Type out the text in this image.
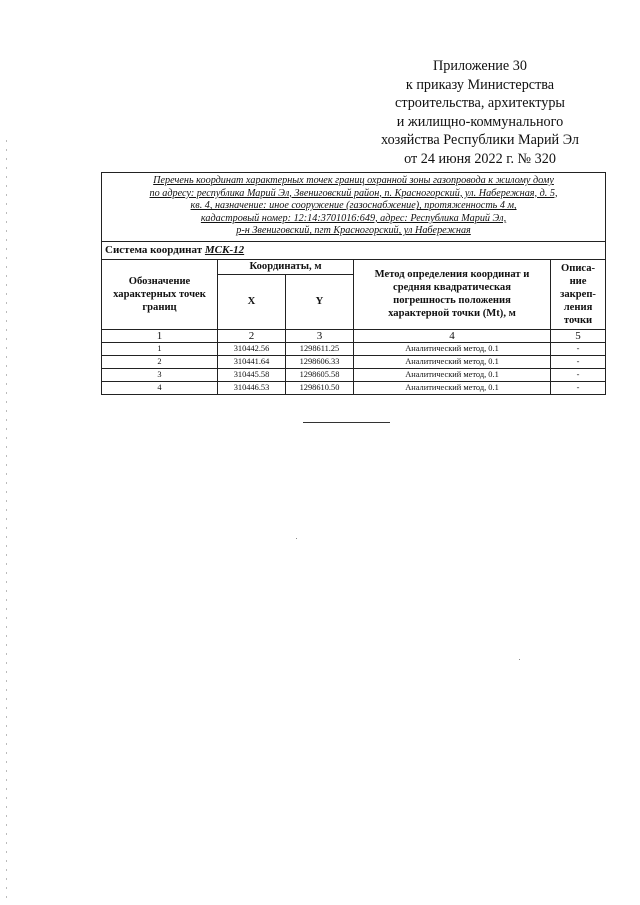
Приложение 30
к приказу Министерства
строительства, архитектуры
и жилищно-коммунального
хозяйства Республики Марий Эл
от 24 июня 2022 г. № 320
Перечень координат характерных точек границ охранной зоны газопровода к жилому дому
по адресу: республика Марий Эл, Звениговский район, п. Красногорский, ул. Набережная, д. 5,
кв. 4, назначение: иное сооружение (газоснабжение), протяженность 4 м,
кадастровый номер: 12:14:3701016:649, адрес: Республика Марий Эл,
р-н Звениговский, пгт Красногорский, ул Набережная				

Система координат МСК-12				
Обозначение характерных точек границ	Координаты, м		Метод определения координат и средняя квадратическая погрешность положения характерной точки (Mt), м	Описа-ние закреп-ления точки
	X	Y		
1	2	3	4	5
1	310442.56	1298611.25	Аналитический метод, 0.1	-
2	310441.64	1298606.33	Аналитический метод, 0.1	-
3	310445.58	1298605.58	Аналитический метод, 0.1	-
4	310446.53	1298610.50	Аналитический метод, 0.1	-
